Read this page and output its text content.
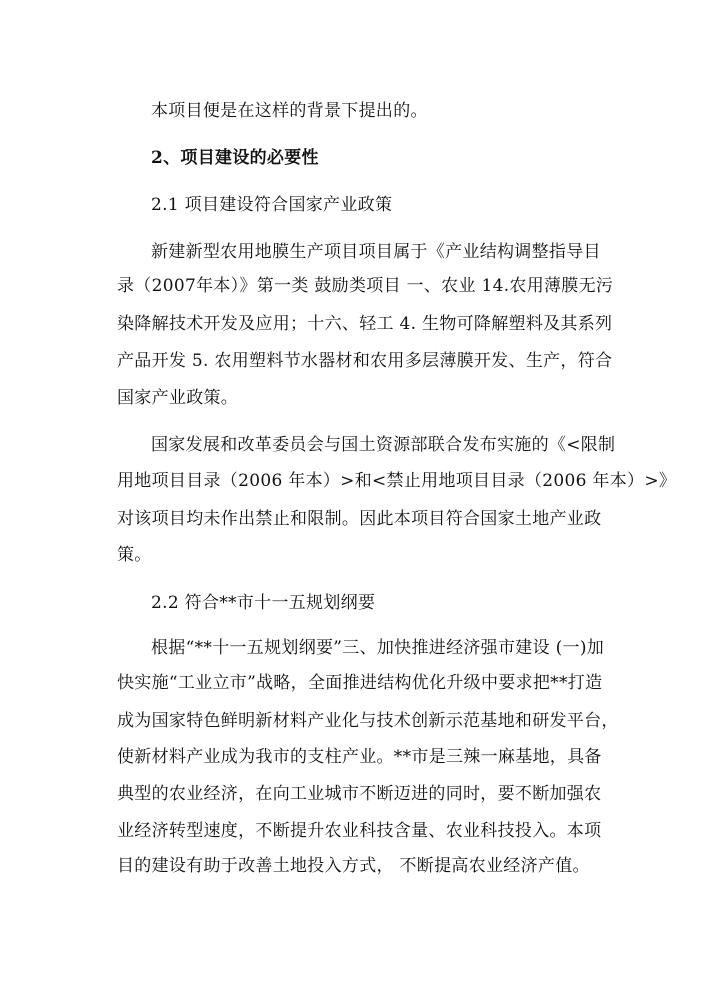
本项目便是在这样的背景下提出的。
2、项目建设的必要性
2.1 项目建设符合国家产业政策
新建新型农用地膜生产项目项目属于《产业结构调整指导目
录（2007年本）》第一类 鼓励类项目 一、农业 14.农用薄膜无污
染降解技术开发及应用；十六、轻工 4. 生物可降解塑料及其系列
产品开发 5. 农用塑料节水器材和农用多层薄膜开发、生产，符合
国家产业政策。
国家发展和改革委员会与国土资源部联合发布实施的《<限制
用地项目目录（2006 年本）>和<禁止用地项目目录（2006 年本）>》
对该项目均未作出禁止和限制。因此本项目符合国家土地产业政
策。
2.2 符合**市十一五规划纲要
根据“**十一五规划纲要”三、加快推进经济强市建设 (一)加
快实施“工业立市”战略，全面推进结构优化升级中要求把**打造
成为国家特色鲜明新材料产业化与技术创新示范基地和研发平台，
使新材料产业成为我市的支柱产业。**市是三辣一麻基地，具备
典型的农业经济，在向工业城市不断迈进的同时，要不断加强农
业经济转型速度，不断提升农业科技含量、农业科技投入。本项
目的建设有助于改善土地投入方式， 不断提高农业经济产值。
